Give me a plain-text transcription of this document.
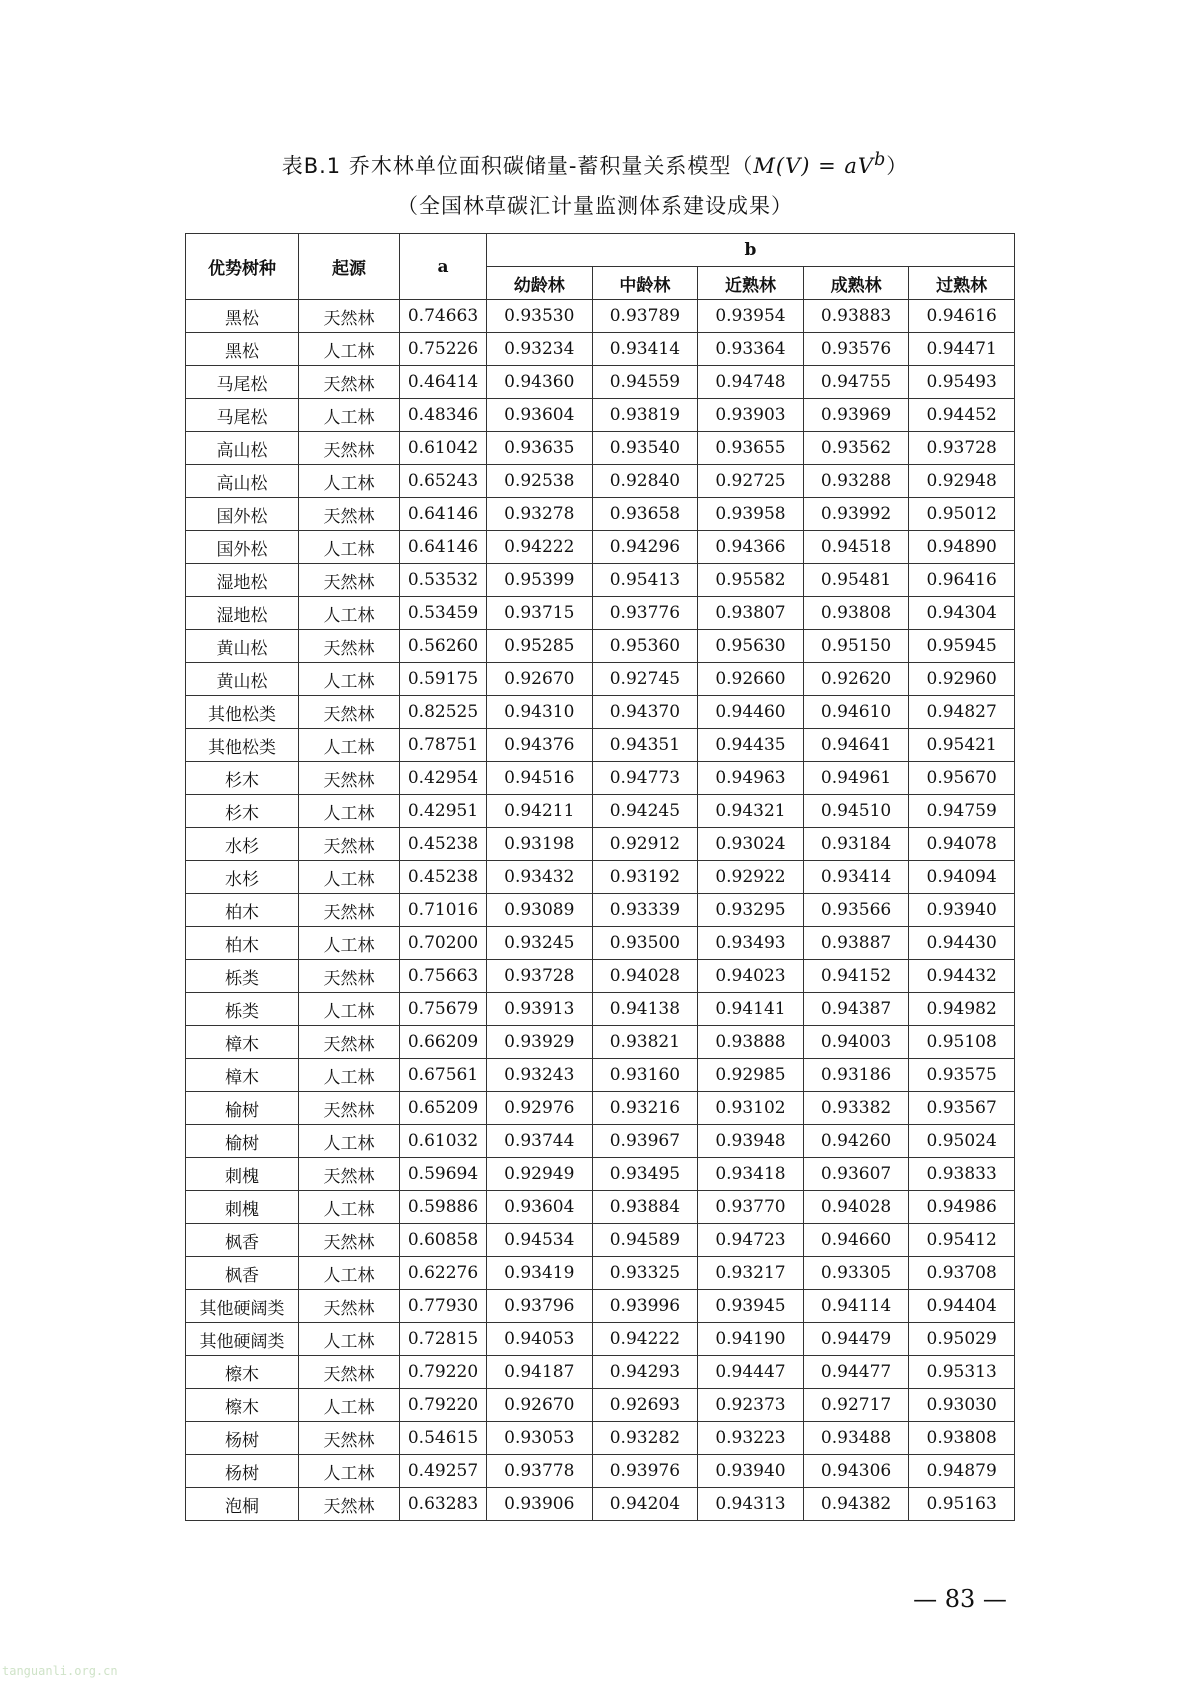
表B.1 乔木林单位面积碳储量-蓄积量关系模型$(M(V) = aV^b)$
（全国林草碳汇计量监测体系建设成果）
优势树种	起源	a	b				
			幼龄林	中龄林	近熟林	成熟林	过熟林
黑松	天然林	0.74663	0.93530	0.93789	0.93954	0.93883	0.94616
黑松	人工林	0.75226	0.93234	0.93414	0.93364	0.93576	0.94471
马尾松	天然林	0.46414	0.94360	0.94559	0.94748	0.94755	0.95493
马尾松	人工林	0.48346	0.93604	0.93819	0.93903	0.93969	0.94452
高山松	天然林	0.61042	0.93635	0.93540	0.93655	0.93562	0.93728
高山松	人工林	0.65243	0.92538	0.92840	0.92725	0.93288	0.92948
国外松	天然林	0.64146	0.93278	0.93658	0.93958	0.93992	0.95012
国外松	人工林	0.64146	0.94222	0.94296	0.94366	0.94518	0.94890
湿地松	天然林	0.53532	0.95399	0.95413	0.95582	0.95481	0.96416
湿地松	人工林	0.53459	0.93715	0.93776	0.93807	0.93808	0.94304
黄山松	天然林	0.56260	0.95285	0.95360	0.95630	0.95150	0.95945
黄山松	人工林	0.59175	0.92670	0.92745	0.92660	0.92620	0.92960
其他松类	天然林	0.82525	0.94310	0.94370	0.94460	0.94610	0.94827
其他松类	人工林	0.78751	0.94376	0.94351	0.94435	0.94641	0.95421
杉木	天然林	0.42954	0.94516	0.94773	0.94963	0.94961	0.95670
杉木	人工林	0.42951	0.94211	0.94245	0.94321	0.94510	0.94759
水杉	天然林	0.45238	0.93198	0.92912	0.93024	0.93184	0.94078
水杉	人工林	0.45238	0.93432	0.93192	0.92922	0.93414	0.94094
柏木	天然林	0.71016	0.93089	0.93339	0.93295	0.93566	0.93940
柏木	人工林	0.70200	0.93245	0.93500	0.93493	0.93887	0.94430
栎类	天然林	0.75663	0.93728	0.94028	0.94023	0.94152	0.94432
栎类	人工林	0.75679	0.93913	0.94138	0.94141	0.94387	0.94982
樟木	天然林	0.66209	0.93929	0.93821	0.93888	0.94003	0.95108
樟木	人工林	0.67561	0.93243	0.93160	0.92985	0.93186	0.93575
榆树	天然林	0.65209	0.92976	0.93216	0.93102	0.93382	0.93567
榆树	人工林	0.61032	0.93744	0.93967	0.93948	0.94260	0.95024
刺槐	天然林	0.59694	0.92949	0.93495	0.93418	0.93607	0.93833
刺槐	人工林	0.59886	0.93604	0.93884	0.93770	0.94028	0.94986
枫香	天然林	0.60858	0.94534	0.94589	0.94723	0.94660	0.95412
枫香	人工林	0.62276	0.93419	0.93325	0.93217	0.93305	0.93708
其他硬阔类	天然林	0.77930	0.93796	0.93996	0.93945	0.94114	0.94404
其他硬阔类	人工林	0.72815	0.94053	0.94222	0.94190	0.94479	0.95029
檫木	天然林	0.79220	0.94187	0.94293	0.94447	0.94477	0.95313
檫木	人工林	0.79220	0.92670	0.92693	0.92373	0.92717	0.93030
杨树	天然林	0.54615	0.93053	0.93282	0.93223	0.93488	0.93808
杨树	人工林	0.49257	0.93778	0.93976	0.93940	0.94306	0.94879
泡桐	天然林	0.63283	0.93906	0.94204	0.94313	0.94382	0.95163
— 83 —
tanguanli.org.cn
